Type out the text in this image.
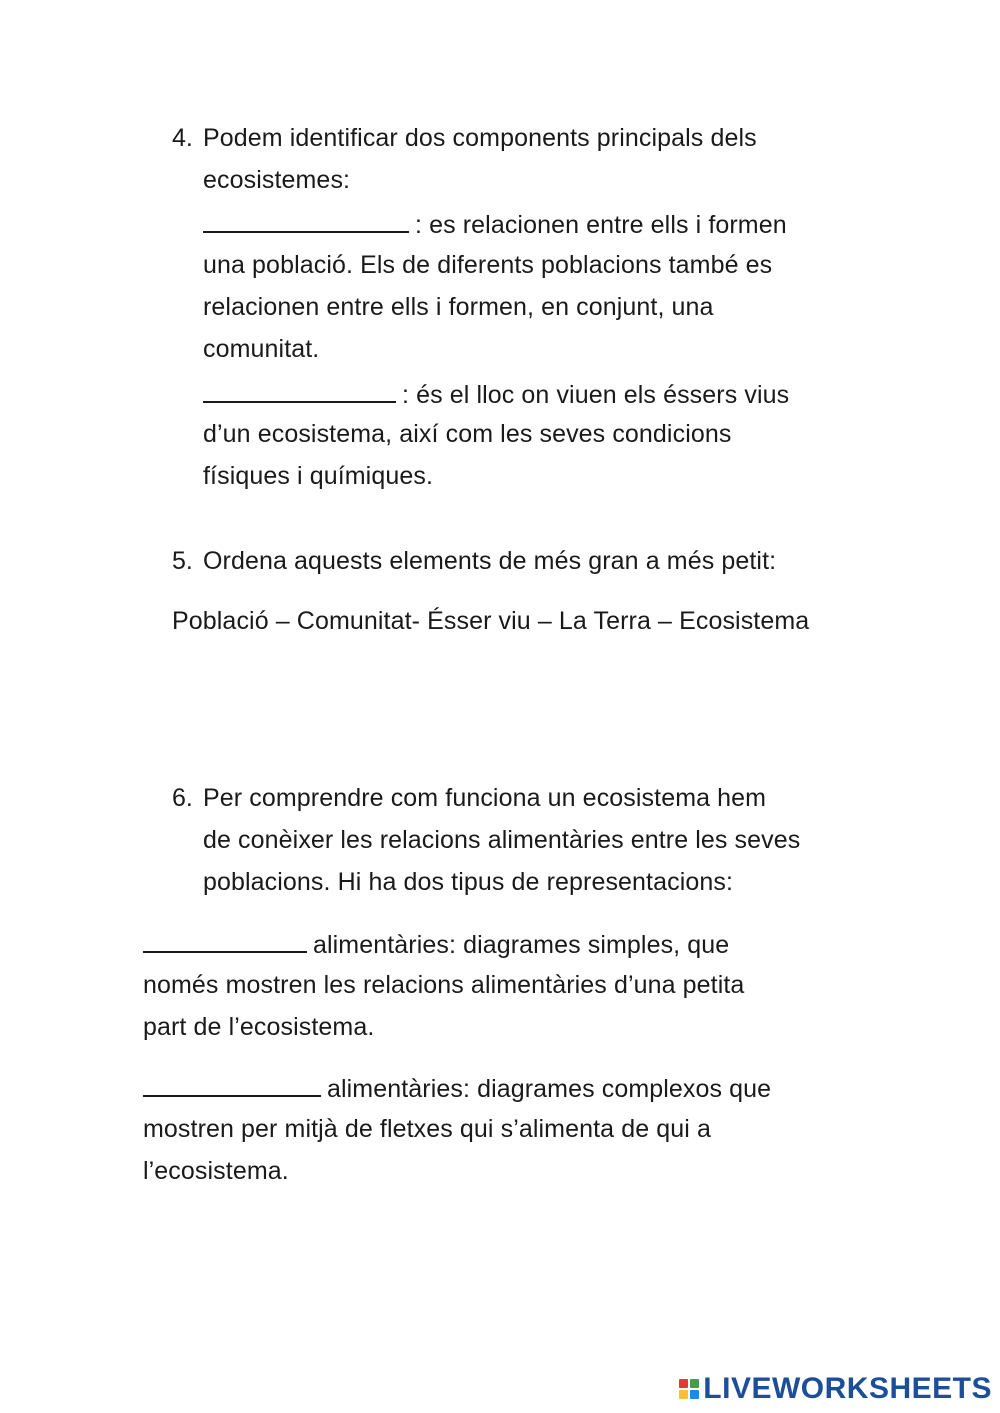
4. Podem identificar dos components principals dels
ecosistemes:
: es relacionen entre ells i formen
una població. Els de diferents poblacions també es
relacionen entre ells i formen, en conjunt, una
comunitat.
: és el lloc on viuen els éssers vius
d’un ecosistema, així com les seves condicions
físiques i químiques.
5. Ordena aquests elements de més gran a més petit:
Població – Comunitat- Ésser viu – La Terra – Ecosistema
6. Per comprendre com funciona un ecosistema hem
de conèixer les relacions alimentàries entre les seves
poblacions. Hi ha dos tipus de representacions:
alimentàries: diagrames simples, que
només mostren les relacions alimentàries d’una petita
part de l’ecosistema.
alimentàries: diagrames complexos que
mostren per mitjà de fletxes qui s’alimenta de qui a
l’ecosistema.
LIVEWORKSHEETS
